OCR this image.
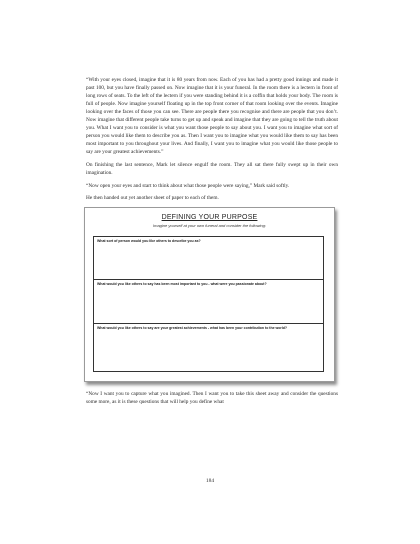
“With your eyes closed, imagine that it is 80 years from now. Each of you has had a pretty good innings and made it past 100, but you have finally passed on. Now imagine that it is your funeral. In the room there is a lectern in front of long rows of seats. To the left of the lectern if you were standing behind it is a coffin that holds your body. The room is full of people. Now imagine yourself floating up in the top front corner of that room looking over the events. Imagine looking over the faces of those you can see. There are people there you recognise and there are people that you don’t. Now imagine that different people take turns to get up and speak and imagine that they are going to tell the truth about you. What I want you to consider is what you want those people to say about you. I want you to imagine what sort of person you would like them to describe you as. Then I want you to imagine what you would like them to say has been most important to you throughout your lives. And finally, I want you to imagine what you would like those people to say are your greatest achievements.”

On finishing the last sentence, Mark let silence engulf the room. They all sat there fully swept up in their own imagination.

“Now open your eyes and start to think about what those people were saying,” Mark said softly.

He then handed out yet another sheet of paper to each of them.

DEFINING YOUR PURPOSE
Imagine yourself at your own funeral and consider the following:
What sort of person would you like others to describe you as?
What would you like others to say has been most important to you - what were you passionate about?
What would you like others to say are your greatest achievements - what has been your contribution to the world?

“Now I want you to capture what you imagined. Then I want you to take this sheet away and consider the questions some more, as it is these questions that will help you define what

184
